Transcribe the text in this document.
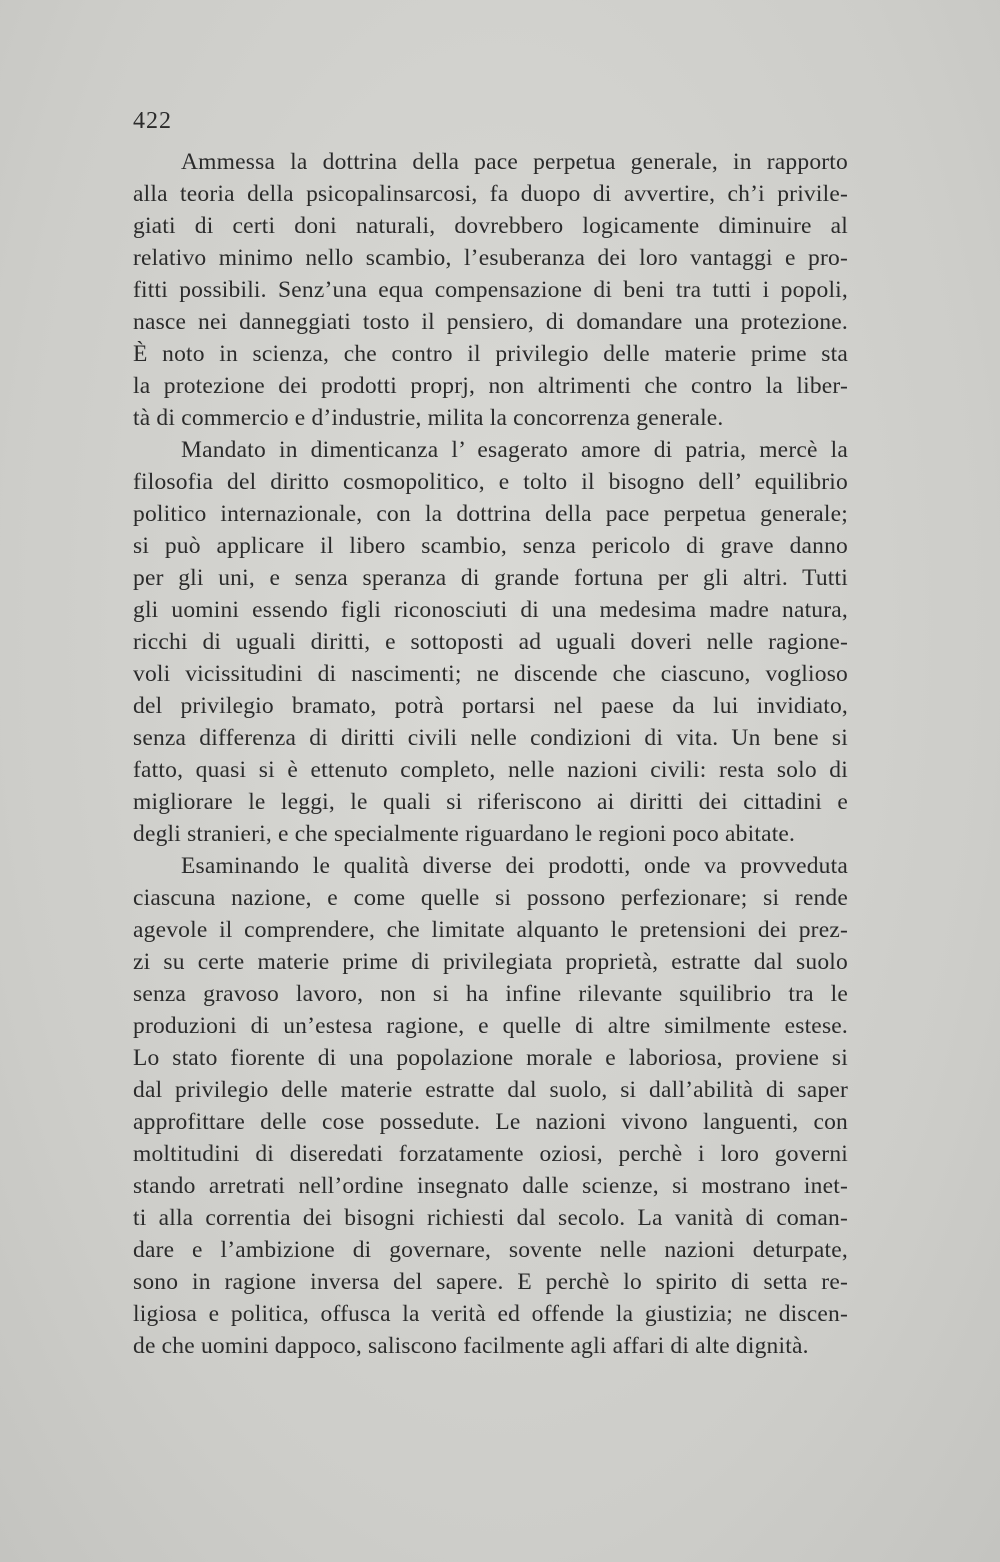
422
Ammessa la dottrina della pace perpetua generale, in rapporto
alla teoria della psicopalinsarcosi, fa duopo di avvertire, ch’i privile-
giati di certi doni naturali, dovrebbero logicamente diminuire al
relativo minimo nello scambio, l’esuberanza dei loro vantaggi e pro-
fitti possibili. Senz’una equa compensazione di beni tra tutti i popoli,
nasce nei danneggiati tosto il pensiero, di domandare una protezione.
È noto in scienza, che contro il privilegio delle materie prime sta
la protezione dei prodotti proprj, non altrimenti che contro la liber-
tà di commercio e d’industrie, milita la concorrenza generale.
Mandato in dimenticanza l’ esagerato amore di patria, mercè la
filosofia del diritto cosmopolitico, e tolto il bisogno dell’ equilibrio
politico internazionale, con la dottrina della pace perpetua generale;
si può applicare il libero scambio, senza pericolo di grave danno
per gli uni, e senza speranza di grande fortuna per gli altri. Tutti
gli uomini essendo figli riconosciuti di una medesima madre natura,
ricchi di uguali diritti, e sottoposti ad uguali doveri nelle ragione-
voli vicissitudini di nascimenti; ne discende che ciascuno, voglioso
del privilegio bramato, potrà portarsi nel paese da lui invidiato,
senza differenza di diritti civili nelle condizioni di vita. Un bene si
fatto, quasi si è ettenuto completo, nelle nazioni civili: resta solo di
migliorare le leggi, le quali si riferiscono ai diritti dei cittadini e
degli stranieri, e che specialmente riguardano le regioni poco abitate.
Esaminando le qualità diverse dei prodotti, onde va provveduta
ciascuna nazione, e come quelle si possono perfezionare; si rende
agevole il comprendere, che limitate alquanto le pretensioni dei prez-
zi su certe materie prime di privilegiata proprietà, estratte dal suolo
senza gravoso lavoro, non si ha infine rilevante squilibrio tra le
produzioni di un’estesa ragione, e quelle di altre similmente estese.
Lo stato fiorente di una popolazione morale e laboriosa, proviene si
dal privilegio delle materie estratte dal suolo, si dall’abilità di saper
approfittare delle cose possedute. Le nazioni vivono languenti, con
moltitudini di diseredati forzatamente oziosi, perchè i loro governi
stando arretrati nell’ordine insegnato dalle scienze, si mostrano inet-
ti alla correntia dei bisogni richiesti dal secolo. La vanità di coman-
dare e l’ambizione di governare, sovente nelle nazioni deturpate,
sono in ragione inversa del sapere. E perchè lo spirito di setta re-
ligiosa e politica, offusca la verità ed offende la giustizia; ne discen-
de che uomini dappoco, saliscono facilmente agli affari di alte dignità.
